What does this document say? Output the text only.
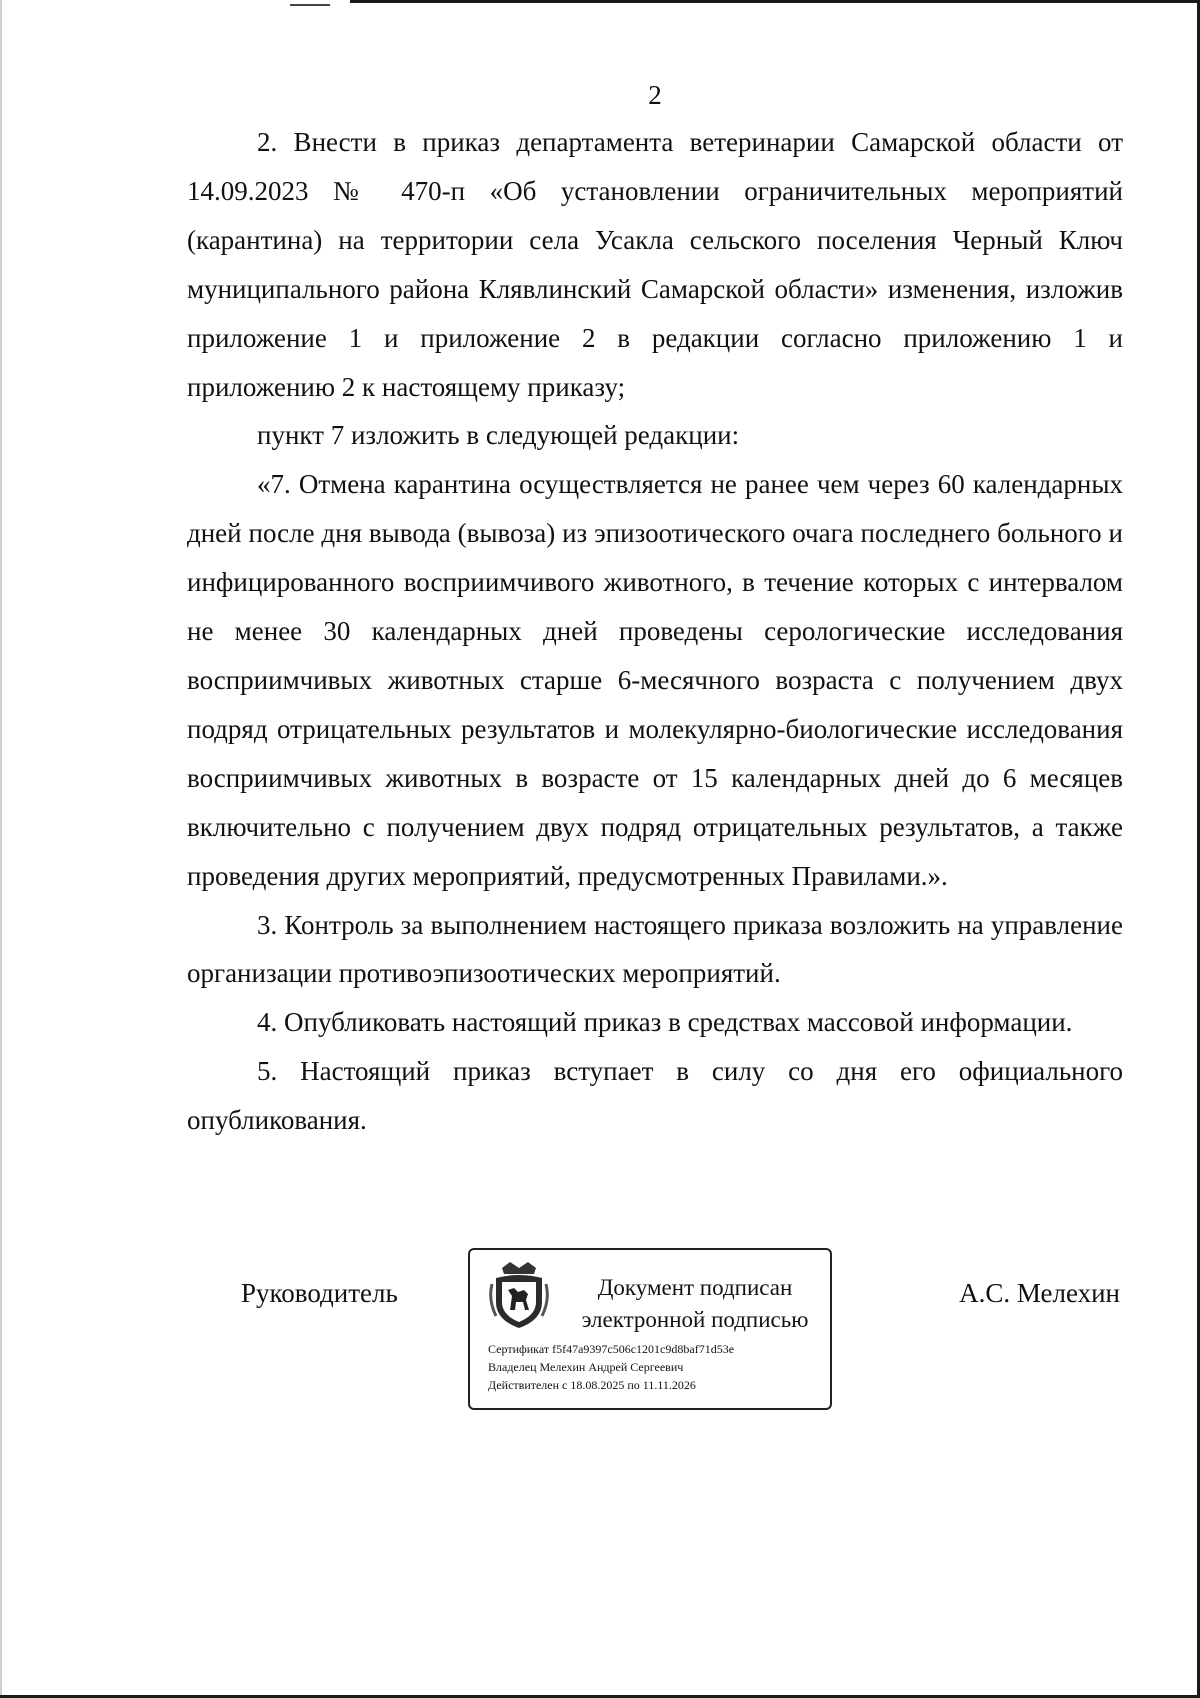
2

2. Внести в приказ департамента ветеринарии Самарской области от 14.09.2023 № 470-п «Об установлении ограничительных мероприятий (карантина) на территории села Усакла сельского поселения Черный Ключ муниципального района Клявлинский Самарской области» изменения, изложив приложение 1 и приложение 2 в редакции согласно приложению 1 и приложению 2 к настоящему приказу;

пункт 7 изложить в следующей редакции:

«7. Отмена карантина осуществляется не ранее чем через 60 календарных дней после дня вывода (вывоза) из эпизоотического очага последнего больного и инфицированного восприимчивого животного, в течение которых с интервалом не менее 30 календарных дней проведены серологические исследования восприимчивых животных старше 6-месячного возраста с получением двух подряд отрицательных результатов и молекулярно-биологические исследования восприимчивых животных в возрасте от 15 календарных дней до 6 месяцев включительно с получением двух подряд отрицательных результатов, а также проведения других мероприятий, предусмотренных Правилами.».

3. Контроль за выполнением настоящего приказа возложить на управление организации противоэпизоотических мероприятий.

4. Опубликовать настоящий приказ в средствах массовой информации.

5. Настоящий приказ вступает в силу со дня его официального опубликования.

Руководитель	Документ подписан
электронной подписью
Сертификат f5f47a9397c506c1201c9d8baf71d53e
Владелец Мелехин Андрей Сергеевич
Действителен с 18.08.2025 по 11.11.2026
А.С. Мелехин
